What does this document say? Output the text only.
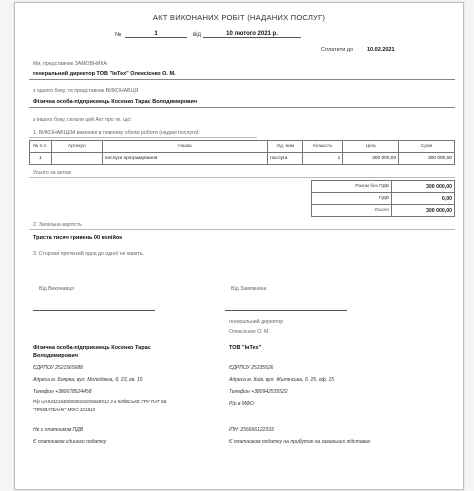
АКТ ВИКОНАНИХ РОБІТ (НАДАНИХ ПОСЛУГ)
№	1	від	10 лютого 2021 р.
Сплатити до	10.02.2021
Ми, представник ЗАМОВНИКА
генеральний директор ТОВ "ІнТех" Олексієнко О. М.
з одного боку, та представник ВИКОНАВЦЯ
Фізична особа-підприємець Косенко Тарас Володимирович
з іншого боку, склали цей Акт про те, що:
1. ВИКОНАВЦЕМ виконані в повному обсязі роботи (надані послуги):
№ п.п.	Артикул	Назва	Од. вим	Кількість	Ціна	Сума
1		послуги програмування	послуга	1	300 000,00	300 000,00
Усього за актом
Разом без ПДВ	300 000,00
ПДВ	0,00
Усього	300 000,00
2. Загальна вартість
Триста тисяч гривень 00 копійок
3. Сторони претензій одна до одної не мають.
Від Виконавця	Від Замовника
генеральний директор
Олексієнко О. М.
Фізична особа-підприємець Косенко Тарас
Володимирович
ЄДРПОУ 2521565688
Адреса м. Боярка, вул. Молодіжна, б. 23, кв. 15
Телефон +380678524458
Р/р UA943218400000026205668512 3 в КИЇВСЬКЕ ГРУ ПАТ КБ
"ПРИВАТБАНК" МФО 321842
Не є платником ПДВ
Є платником єдиного податку
ТОВ "ІнТех"
ЄДРПОУ 25235526
Адреса м. Київ, вул. Жилянська, б. 25, оф. 15
Телефон +380942535522
Р/р в МФО
ІПН: 256666122333
Є платником податку на прибуток на загальних підставах
